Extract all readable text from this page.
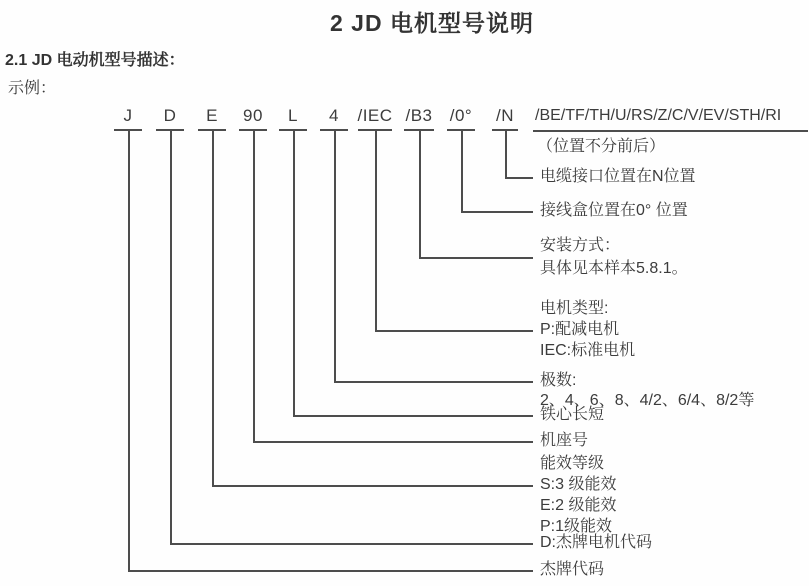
2 JD 电机型号说明
2.1 JD 电动机型号描述：
示例：
J	D	E	90	L	4	/IEC /B3	/0°	/N	/BE/TF/TH/U/RS/Z/C/V/EV/STH/RI
（位置不分前后）
电缆接口位置在N位置
接线盒位置在0° 位置
安装方式：
具体见本样本5.8.1。
电机类型:
P:配减电机
IEC:标准电机
极数:
2、4、6、8、4/2、6/4、8/2等
铁心长短
机座号
能效等级
S:3 级能效
E:2 级能效
P:1级能效
D:杰牌电机代码
杰牌代码
